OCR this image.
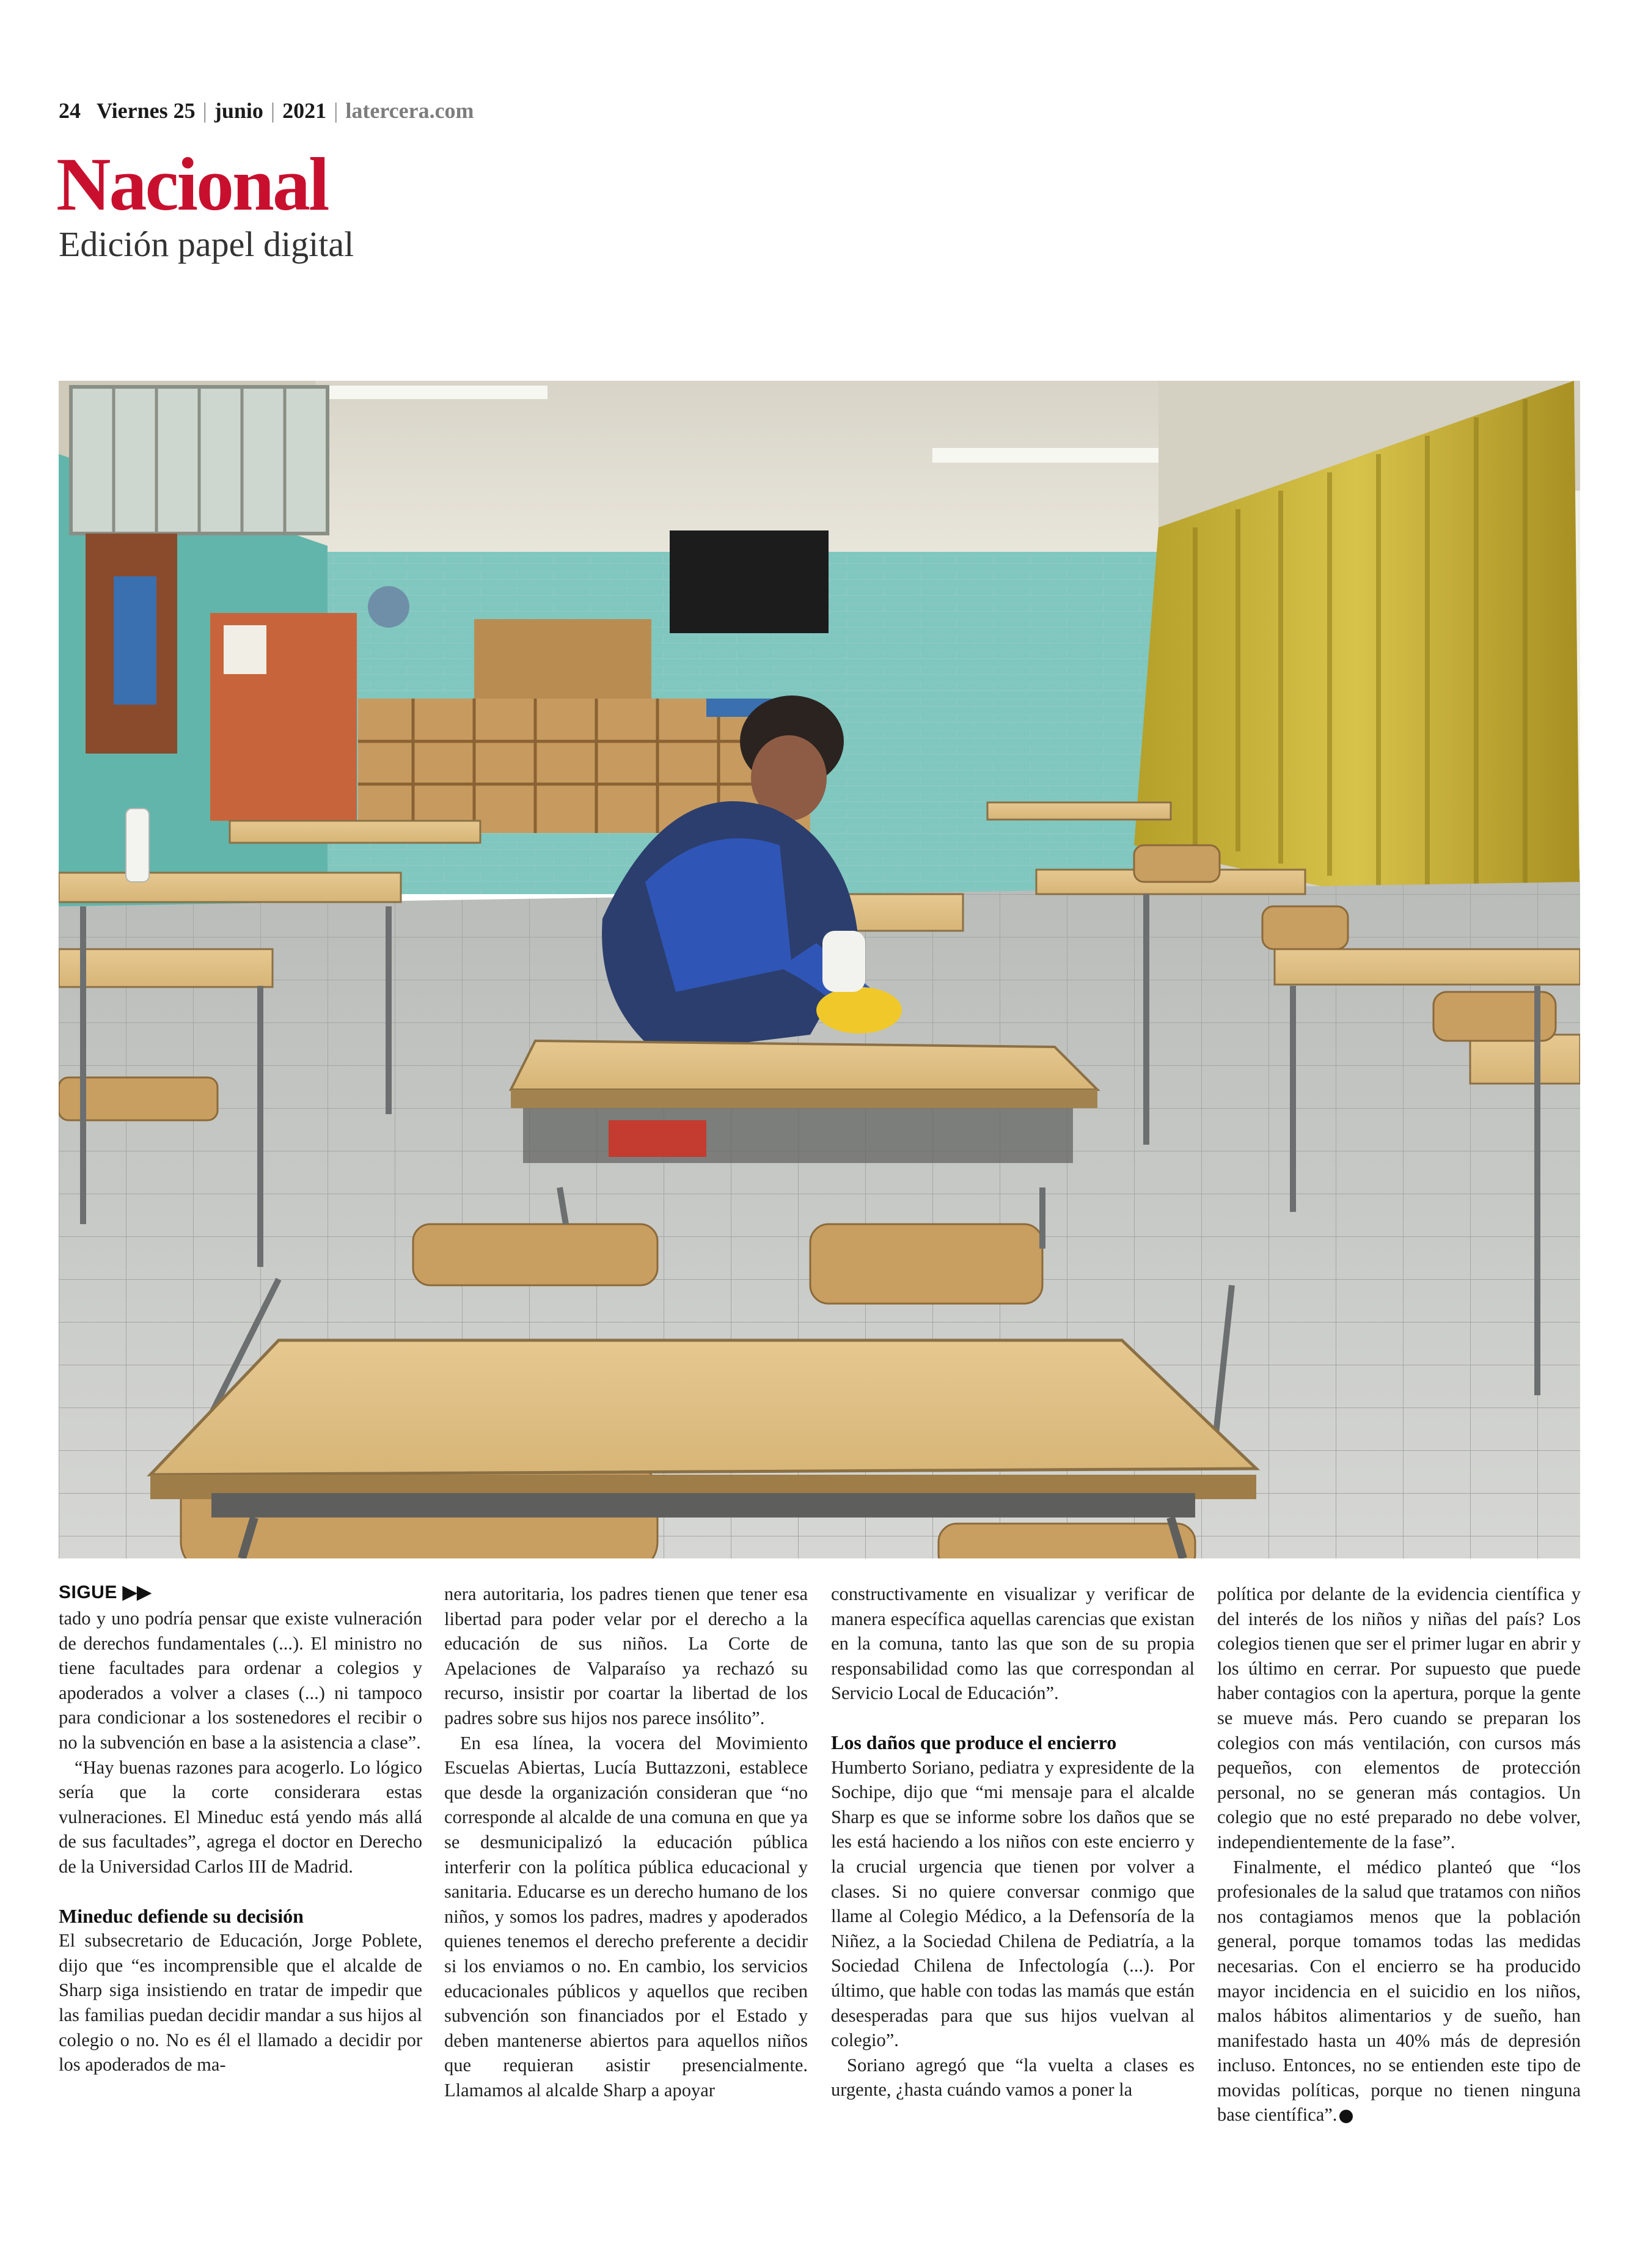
24 Viernes 25 | junio | 2021 | latercera.com
Nacional
Edición papel digital
SIGUE ▶▶

tado y uno podría pensar que existe vulneración de derechos fundamentales (...). El ministro no tiene facultades para ordenar a colegios y apoderados a volver a clases (...) ni tampoco para condicionar a los sostenedores el recibir o no la subvención en base a la asistencia a clase”.

“Hay buenas razones para acogerlo. Lo lógico sería que la corte considerara estas vulneraciones. El Mineduc está yendo más allá de sus facultades”, agrega el doctor en Derecho de la Universidad Carlos III de Madrid.

Mineduc defiende su decisión

El subsecretario de Educación, Jorge Poblete, dijo que “es incomprensible que el alcalde de Sharp siga insistiendo en tratar de impedir que las familias puedan decidir mandar a sus hijos al colegio o no. No es él el llamado a decidir por los apoderados de ma-

nera autoritaria, los padres tienen que tener esa libertad para poder velar por el derecho a la educación de sus niños. La Corte de Apelaciones de Valparaíso ya rechazó su recurso, insistir por coartar la libertad de los padres sobre sus hijos nos parece insólito”.

En esa línea, la vocera del Movimiento Escuelas Abiertas, Lucía Buttazzoni, establece que desde la organización consideran que “no corresponde al alcalde de una comuna en que ya se desmunicipalizó la educación pública interferir con la política pública educacional y sanitaria. Educarse es un derecho humano de los niños, y somos los padres, madres y apoderados quienes tenemos el derecho preferente a decidir si los enviamos o no. En cambio, los servicios educacionales públicos y aquellos que reciben subvención son financiados por el Estado y deben mantenerse abiertos para aquellos niños que requieran asistir presencialmente. Llamamos al alcalde Sharp a apoyar

constructivamente en visualizar y verificar de manera específica aquellas carencias que existan en la comuna, tanto las que son de su propia responsabilidad como las que correspondan al Servicio Local de Educación”.

Los daños que produce el encierro

Humberto Soriano, pediatra y expresidente de la Sochipe, dijo que “mi mensaje para el alcalde Sharp es que se informe sobre los daños que se les está haciendo a los niños con este encierro y la crucial urgencia que tienen por volver a clases. Si no quiere conversar conmigo que llame al Colegio Médico, a la Defensoría de la Niñez, a la Sociedad Chilena de Pediatría, a la Sociedad Chilena de Infectología (...). Por último, que hable con todas las mamás que están desesperadas para que sus hijos vuelvan al colegio”.

Soriano agregó que “la vuelta a clases es urgente, ¿hasta cuándo vamos a poner la

política por delante de la evidencia científica y del interés de los niños y niñas del país? Los colegios tienen que ser el primer lugar en abrir y los último en cerrar. Por supuesto que puede haber contagios con la apertura, porque la gente se mueve más. Pero cuando se preparan los colegios con más ventilación, con cursos más pequeños, con elementos de protección personal, no se generan más contagios. Un colegio que no esté preparado no debe volver, independientemente de la fase”.

Finalmente, el médico planteó que “los profesionales de la salud que tratamos con niños nos contagiamos menos que la población general, porque tomamos todas las medidas necesarias. Con el encierro se ha producido mayor incidencia en el suicidio en los niños, malos hábitos alimentarios y de sueño, han manifestado hasta un 40% más de depresión incluso. Entonces, no se entienden este tipo de movidas políticas, porque no tienen ninguna base científica”.
